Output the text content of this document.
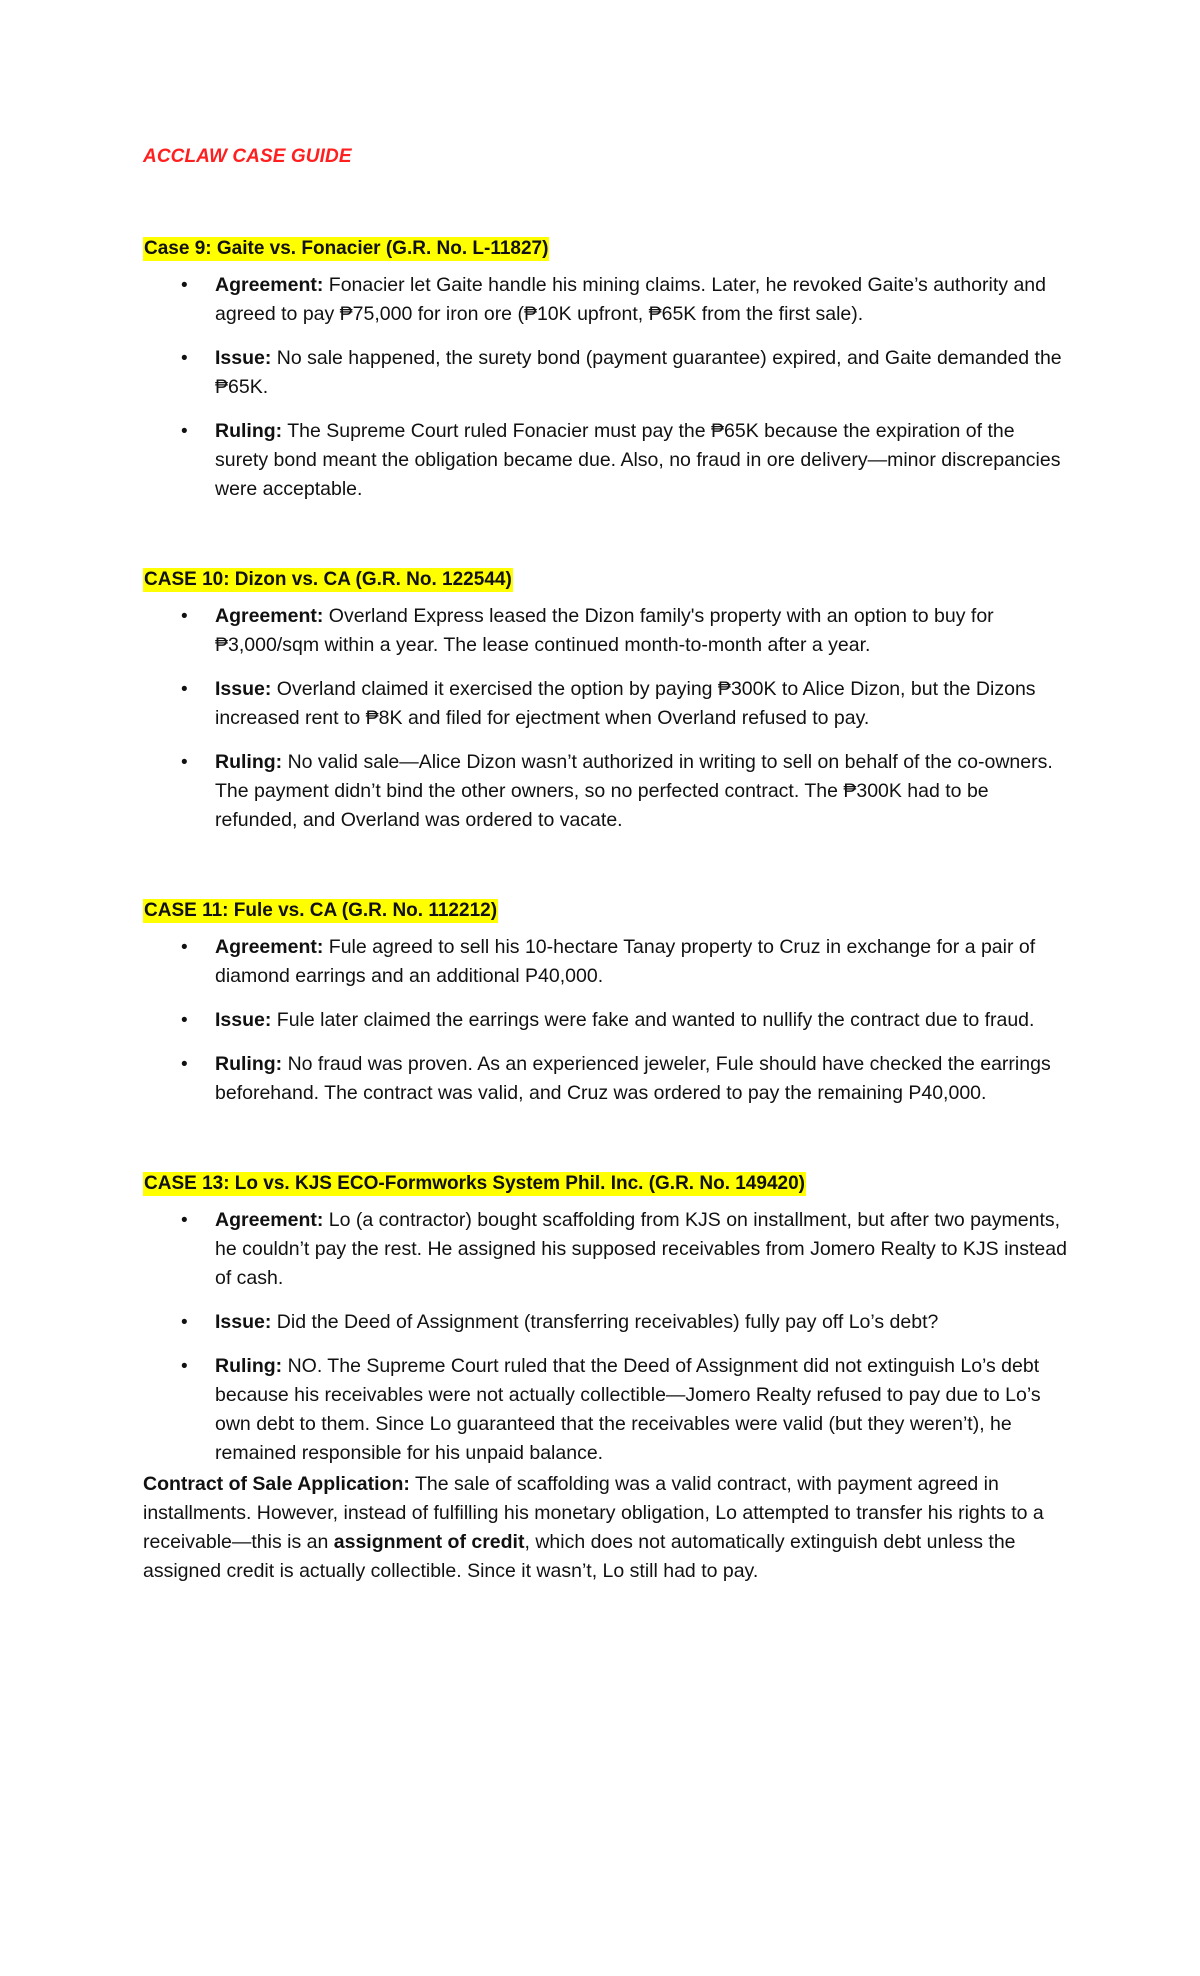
ACCLAW CASE GUIDE
Case 9: Gaite vs. Fonacier (G.R. No. L-11827)
• Agreement: Fonacier let Gaite handle his mining claims. Later, he revoked Gaite’s authority and agreed to pay ₱75,000 for iron ore (₱10K upfront, ₱65K from the first sale).
• Issue: No sale happened, the surety bond (payment guarantee) expired, and Gaite demanded the ₱65K.
• Ruling: The Supreme Court ruled Fonacier must pay the ₱65K because the expiration of the surety bond meant the obligation became due. Also, no fraud in ore delivery—minor discrepancies were acceptable.
CASE 10: Dizon vs. CA (G.R. No. 122544)
• Agreement: Overland Express leased the Dizon family's property with an option to buy for ₱3,000/sqm within a year. The lease continued month-to-month after a year.
• Issue: Overland claimed it exercised the option by paying ₱300K to Alice Dizon, but the Dizons increased rent to ₱8K and filed for ejectment when Overland refused to pay.
• Ruling: No valid sale—Alice Dizon wasn’t authorized in writing to sell on behalf of the co-owners. The payment didn’t bind the other owners, so no perfected contract. The ₱300K had to be refunded, and Overland was ordered to vacate.
CASE 11: Fule vs. CA (G.R. No. 112212)
• Agreement: Fule agreed to sell his 10-hectare Tanay property to Cruz in exchange for a pair of diamond earrings and an additional P40,000.
• Issue: Fule later claimed the earrings were fake and wanted to nullify the contract due to fraud.
• Ruling: No fraud was proven. As an experienced jeweler, Fule should have checked the earrings beforehand. The contract was valid, and Cruz was ordered to pay the remaining P40,000.
CASE 13: Lo vs. KJS ECO-Formworks System Phil. Inc. (G.R. No. 149420)
• Agreement: Lo (a contractor) bought scaffolding from KJS on installment, but after two payments, he couldn’t pay the rest. He assigned his supposed receivables from Jomero Realty to KJS instead of cash.
• Issue: Did the Deed of Assignment (transferring receivables) fully pay off Lo’s debt?
• Ruling: NO. The Supreme Court ruled that the Deed of Assignment did not extinguish Lo’s debt because his receivables were not actually collectible—Jomero Realty refused to pay due to Lo’s own debt to them. Since Lo guaranteed that the receivables were valid (but they weren’t), he remained responsible for his unpaid balance.

Contract of Sale Application: The sale of scaffolding was a valid contract, with payment agreed in installments. However, instead of fulfilling his monetary obligation, Lo attempted to transfer his rights to a receivable—this is an assignment of credit, which does not automatically extinguish debt unless the assigned credit is actually collectible. Since it wasn’t, Lo still had to pay.
